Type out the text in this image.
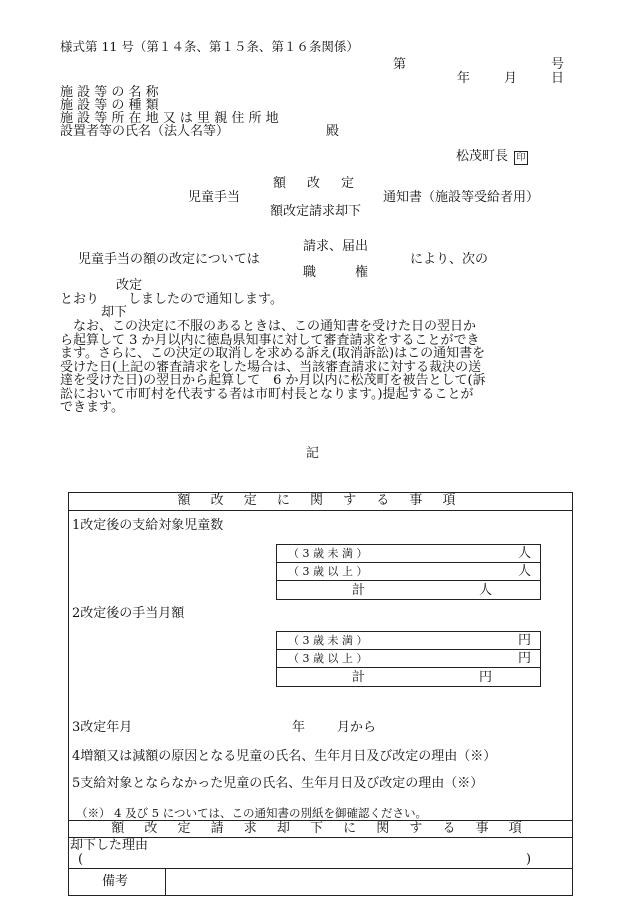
様式第 11 号（第１４条、第１５条、第１６条関係）
第	号
年	月	日
施 設 等 の 名 称
施 設 等 の 種 類
施 設 等 所 在 地 又 は 里 親 住 所 地
設置者等の氏名（法人名等）	殿
松茂町長 印
額　改　定
児童手当	通知書（施設等受給者用）
額改定請求却下
請求、届出
児童手当の額の改定については	により、次の
職　　　権
改定
とおり しましたので通知します。
却下
　なお、この決定に不服のあるときは、この通知書を受けた日の翌日か
ら起算して 3 か月以内に徳島県知事に対して審査請求をすることができ
ます。さらに、この決定の取消しを求める訴え(取消訴訟)はこの通知書を
受けた日(上記の審査請求をした場合は、当該審査請求に対する裁決の送
達を受けた日)の翌日から起算して　6 か月以内に松茂町を被告として(訴
訟において市町村を代表する者は市町村長となります。)提起することが
できます。
記
額 改 定 に 関 す る 事 項
1改定後の支給対象児童数
（ 3 歳 未 満 ）	人
（ 3 歳 以 上 ）	人
計	人
2改定後の手当月額
（ 3 歳 未 満 ）	円
（ 3 歳 以 上 ）	円
計	円
3改定年月	年 月から
4増額又は減額の原因となる児童の氏名、生年月日及び改定の理由（※）
5支給対象とならなかった児童の氏名、生年月日及び改定の理由（※）
（※） 4 及び 5 については、この通知書の別紙を御確認ください。
額 改 定 請 求 却 下 に 関 す る 事 項
却下した理由
(	)
備考
